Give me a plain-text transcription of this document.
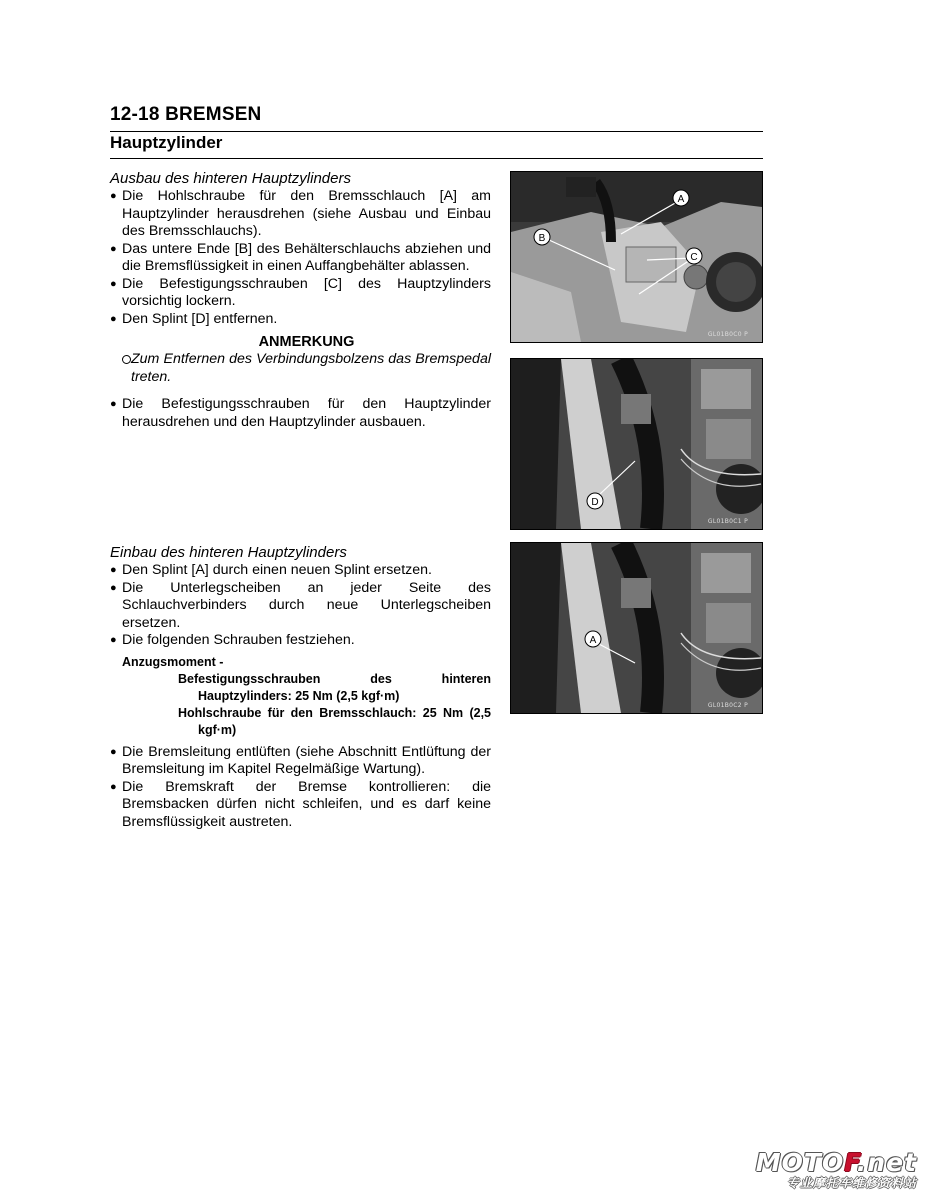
12-18 BREMSEN
Hauptzylinder

Ausbau des hinteren Hauptzylinders

● Die Hohlschraube für den Bremsschlauch [A] am Hauptzylinder herausdrehen (siehe Ausbau und Einbau des Bremsschlauchs).

● Das untere Ende [B] des Behälterschlauchs abziehen und die Bremsflüssigkeit in einen Auffangbehälter ablassen.

● Die Befestigungsschrauben [C] des Hauptzylinders vorsichtig lockern.

● Den Splint [D] entfernen.

ANMERKUNG

Zum Entfernen des Verbindungsbolzens das Bremspedal treten.

● Die Befestigungsschrauben für den Hauptzylinder herausdrehen und den Hauptzylinder ausbauen.

Einbau des hinteren Hauptzylinders

● Den Splint [A] durch einen neuen Splint ersetzen.

● Die Unterlegscheiben an jeder Seite des Schlauchverbinders durch neue Unterlegscheiben ersetzen.

● Die folgenden Schrauben festziehen.

Anzugsmoment -
Befestigungsschrauben des hinteren Hauptzylinders: 25 Nm (2,5 kgf·m)
Hohlschraube für den Bremsschlauch: 25 Nm (2,5 kgf·m)

● Die Bremsleitung entlüften (siehe Abschnitt Entlüftung der Bremsleitung im Kapitel Regelmäßige Wartung).

● Die Bremskraft der Bremse kontrollieren: die Bremsbacken dürfen nicht schleifen, und es darf keine Bremsflüssigkeit austreten.

A
B
C
GL01B0C0 P
D
GL01B0C1 P
A
GL01B0C2 P
MOTOF.net
专业摩托车维修资料站
